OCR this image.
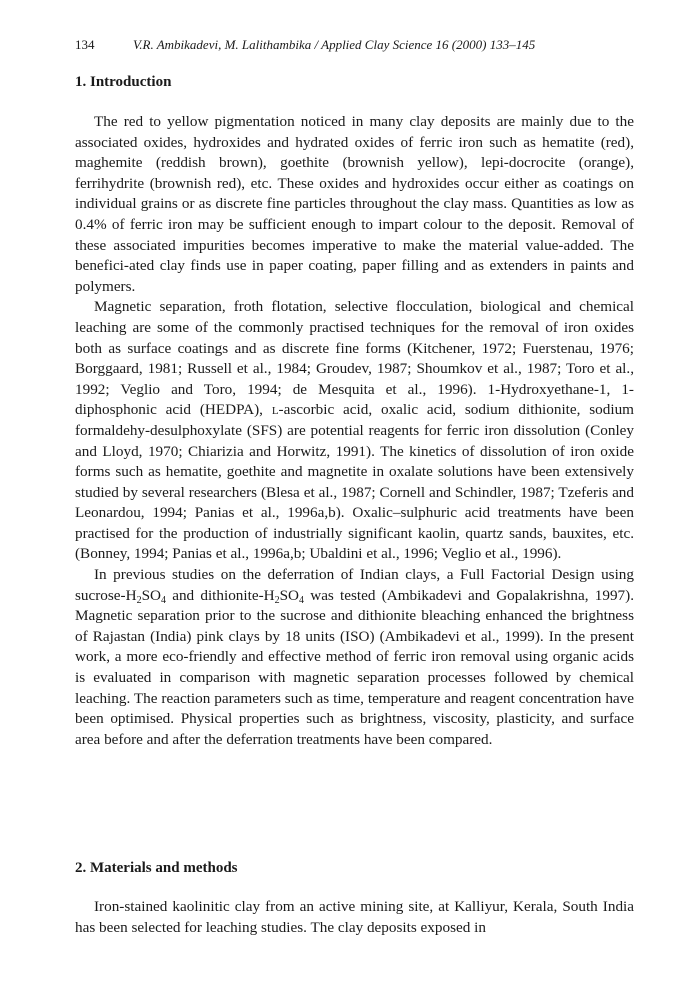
134	V.R. Ambikadevi, M. Lalithambika / Applied Clay Science 16 (2000) 133–145
1. Introduction

The red to yellow pigmentation noticed in many clay deposits are mainly due to the associated oxides, hydroxides and hydrated oxides of ferric iron such as hematite (red), maghemite (reddish brown), goethite (brownish yellow), lepi-docrocite (orange), ferrihydrite (brownish red), etc. These oxides and hydroxides occur either as coatings on individual grains or as discrete fine particles throughout the clay mass. Quantities as low as 0.4% of ferric iron may be sufficient enough to impart colour to the deposit. Removal of these associated impurities becomes imperative to make the material value-added. The benefici-ated clay finds use in paper coating, paper filling and as extenders in paints and polymers.

Magnetic separation, froth flotation, selective flocculation, biological and chemical leaching are some of the commonly practised techniques for the removal of iron oxides both as surface coatings and as discrete fine forms (Kitchener, 1972; Fuerstenau, 1976; Borggaard, 1981; Russell et al., 1984; Groudev, 1987; Shoumkov et al., 1987; Toro et al., 1992; Veglio and Toro, 1994; de Mesquita et al., 1996). 1-Hydroxyethane-1, 1-diphosphonic acid (HEDPA), l-ascorbic acid, oxalic acid, sodium dithionite, sodium formaldehy-desulphoxylate (SFS) are potential reagents for ferric iron dissolution (Conley and Lloyd, 1970; Chiarizia and Horwitz, 1991). The kinetics of dissolution of iron oxide forms such as hematite, goethite and magnetite in oxalate solutions have been extensively studied by several researchers (Blesa et al., 1987; Cornell and Schindler, 1987; Tzeferis and Leonardou, 1994; Panias et al., 1996a,b). Oxalic–sulphuric acid treatments have been practised for the production of industrially significant kaolin, quartz sands, bauxites, etc. (Bonney, 1994; Panias et al., 1996a,b; Ubaldini et al., 1996; Veglio et al., 1996).

In previous studies on the deferration of Indian clays, a Full Factorial Design using sucrose-$H_2SO_4$ and dithionite-$H_2SO_4$ was tested (Ambikadevi and Gopalakrishna, 1997). Magnetic separation prior to the sucrose and dithionite bleaching enhanced the brightness of Rajastan (India) pink clays by 18 units (ISO) (Ambikadevi et al., 1999). In the present work, a more eco-friendly and effective method of ferric iron removal using organic acids is evaluated in comparison with magnetic separation processes followed by chemical leaching. The reaction parameters such as time, temperature and reagent concentration have been optimised. Physical properties such as brightness, viscosity, plasticity, and surface area before and after the deferration treatments have been compared.

2. Materials and methods

Iron-stained kaolinitic clay from an active mining site, at Kalliyur, Kerala, South India has been selected for leaching studies. The clay deposits exposed in
